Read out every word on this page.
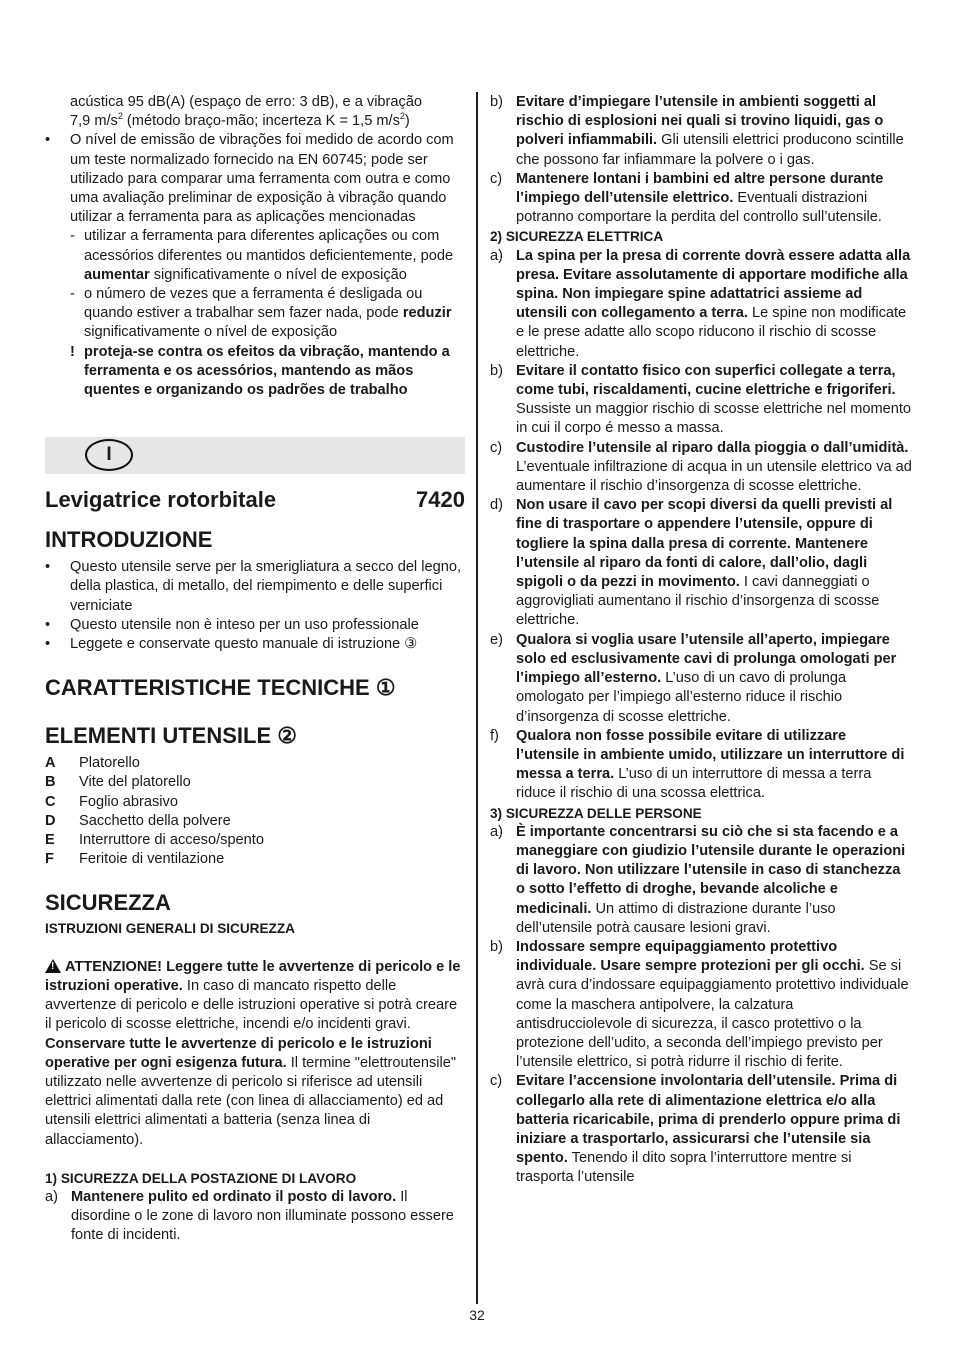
acústica 95 dB(A) (espaço de erro: 3 dB), e a vibração
7,9 $m/s^2$ (método braço-mão; incerteza K = 1,5 $m/s^2$)
• O nível de emissão de vibrações foi medido de acordo com um teste normalizado fornecido na EN 60745; pode ser utilizado para comparar uma ferramenta com outra e como uma avaliação preliminar de exposição à vibração quando utilizar a ferramenta para as aplicações mencionadas
- utilizar a ferramenta para diferentes aplicações ou com acessórios diferentes ou mantidos deficientemente, pode aumentar significativamente o nível de exposição
- o número de vezes que a ferramenta é desligada ou quando estiver a trabalhar sem fazer nada, pode reduzir significativamente o nível de exposição
! proteja-se contra os efeitos da vibração, mantendo a ferramenta e os acessórios, mantendo as mãos quentes e organizando os padrões de trabalho
I
Levigatrice rotorbitale	7420
INTRODUZIONE
• Questo utensile serve per la smerigliatura a secco del legno, della plastica, di metallo, del riempimento e delle superfici verniciate
• Questo utensile non è inteso per un uso professionale
• Leggete e conservate questo manuale di istruzione ③
CARATTERISTICHE TECNICHE ①
ELEMENTI UTENSILE ②
A	Platorello
B	Vite del platorello
C	Foglio abrasivo
D	Sacchetto della polvere
E	Interruttore di acceso/spento
F	Feritoie di ventilazione
SICUREZZA
ISTRUZIONI GENERALI DI SICUREZZA
!ATTENZIONE! Leggere tutte le avvertenze di pericolo e le istruzioni operative. In caso di mancato rispetto delle avvertenze di pericolo e delle istruzioni operative si potrà creare il pericolo di scosse elettriche, incendi e/o incidenti gravi. Conservare tutte le avvertenze di pericolo e le istruzioni operative per ogni esigenza futura. Il termine "elettroutensile" utilizzato nelle avvertenze di pericolo si riferisce ad utensili elettrici alimentati dalla rete (con linea di allacciamento) ed ad utensili elettrici alimentati a batteria (senza linea di allacciamento).
1) SICUREZZA DELLA POSTAZIONE DI LAVORO
a) Mantenere pulito ed ordinato il posto di lavoro. Il disordine o le zone di lavoro non illuminate possono essere fonte di incidenti.
b) Evitare d’impiegare l’utensile in ambienti soggetti al rischio di esplosioni nei quali si trovino liquidi, gas o polveri infiammabili. Gli utensili elettrici producono scintille che possono far infiammare la polvere o i gas.
c) Mantenere lontani i bambini ed altre persone durante l’impiego dell’utensile elettrico. Eventuali distrazioni potranno comportare la perdita del controllo sull’utensile.
2) SICUREZZA ELETTRICA
a) La spina per la presa di corrente dovrà essere adatta alla presa. Evitare assolutamente di apportare modifiche alla spina. Non impiegare spine adattatrici assieme ad utensili con collegamento a terra. Le spine non modificate e le prese adatte allo scopo riducono il rischio di scosse elettriche.
b) Evitare il contatto fisico con superfici collegate a terra, come tubi, riscaldamenti, cucine elettriche e frigoriferi. Sussiste un maggior rischio di scosse elettriche nel momento in cui il corpo é messo a massa.
c) Custodire l’utensile al riparo dalla pioggia o dall’umidità. L’eventuale infiltrazione di acqua in un utensile elettrico va ad aumentare il rischio d’insorgenza di scosse elettriche.
d) Non usare il cavo per scopi diversi da quelli previsti al fine di trasportare o appendere l’utensile, oppure di togliere la spina dalla presa di corrente. Mantenere l’utensile al riparo da fonti di calore, dall’olio, dagli spigoli o da pezzi in movimento. I cavi danneggiati o aggrovigliati aumentano il rischio d’insorgenza di scosse elettriche.
e) Qualora si voglia usare l’utensile all’aperto, impiegare solo ed esclusivamente cavi di prolunga omologati per l’impiego all’esterno. L’uso di un cavo di prolunga omologato per l’impiego all’esterno riduce il rischio d’insorgenza di scosse elettriche.
f) Qualora non fosse possibile evitare di utilizzare l’utensile in ambiente umido, utilizzare un interruttore di messa a terra. L’uso di un interruttore di messa a terra riduce il rischio di una scossa elettrica.
3) SICUREZZA DELLE PERSONE
a) È importante concentrarsi su ciò che si sta facendo e a maneggiare con giudizio l’utensile durante le operazioni di lavoro. Non utilizzare l’utensile in caso di stanchezza o sotto l’effetto di droghe, bevande alcoliche e medicinali. Un attimo di distrazione durante l’uso dell’utensile potrà causare lesioni gravi.
b) Indossare sempre equipaggiamento protettivo individuale. Usare sempre protezioni per gli occhi. Se si avrà cura d’indossare equipaggiamento protettivo individuale come la maschera antipolvere, la calzatura antisdrucciolevole di sicurezza, il casco protettivo o la protezione dell’udito, a seconda dell’impiego previsto per l’utensile elettrico, si potrà ridurre il rischio di ferite.
c) Evitare l’accensione involontaria dell’utensile. Prima di collegarlo alla rete di alimentazione elettrica e/o alla batteria ricaricabile, prima di prenderlo oppure prima di iniziare a trasportarlo, assicurarsi che l’utensile sia spento. Tenendo il dito sopra l’interruttore mentre si trasporta l’utensile
32
